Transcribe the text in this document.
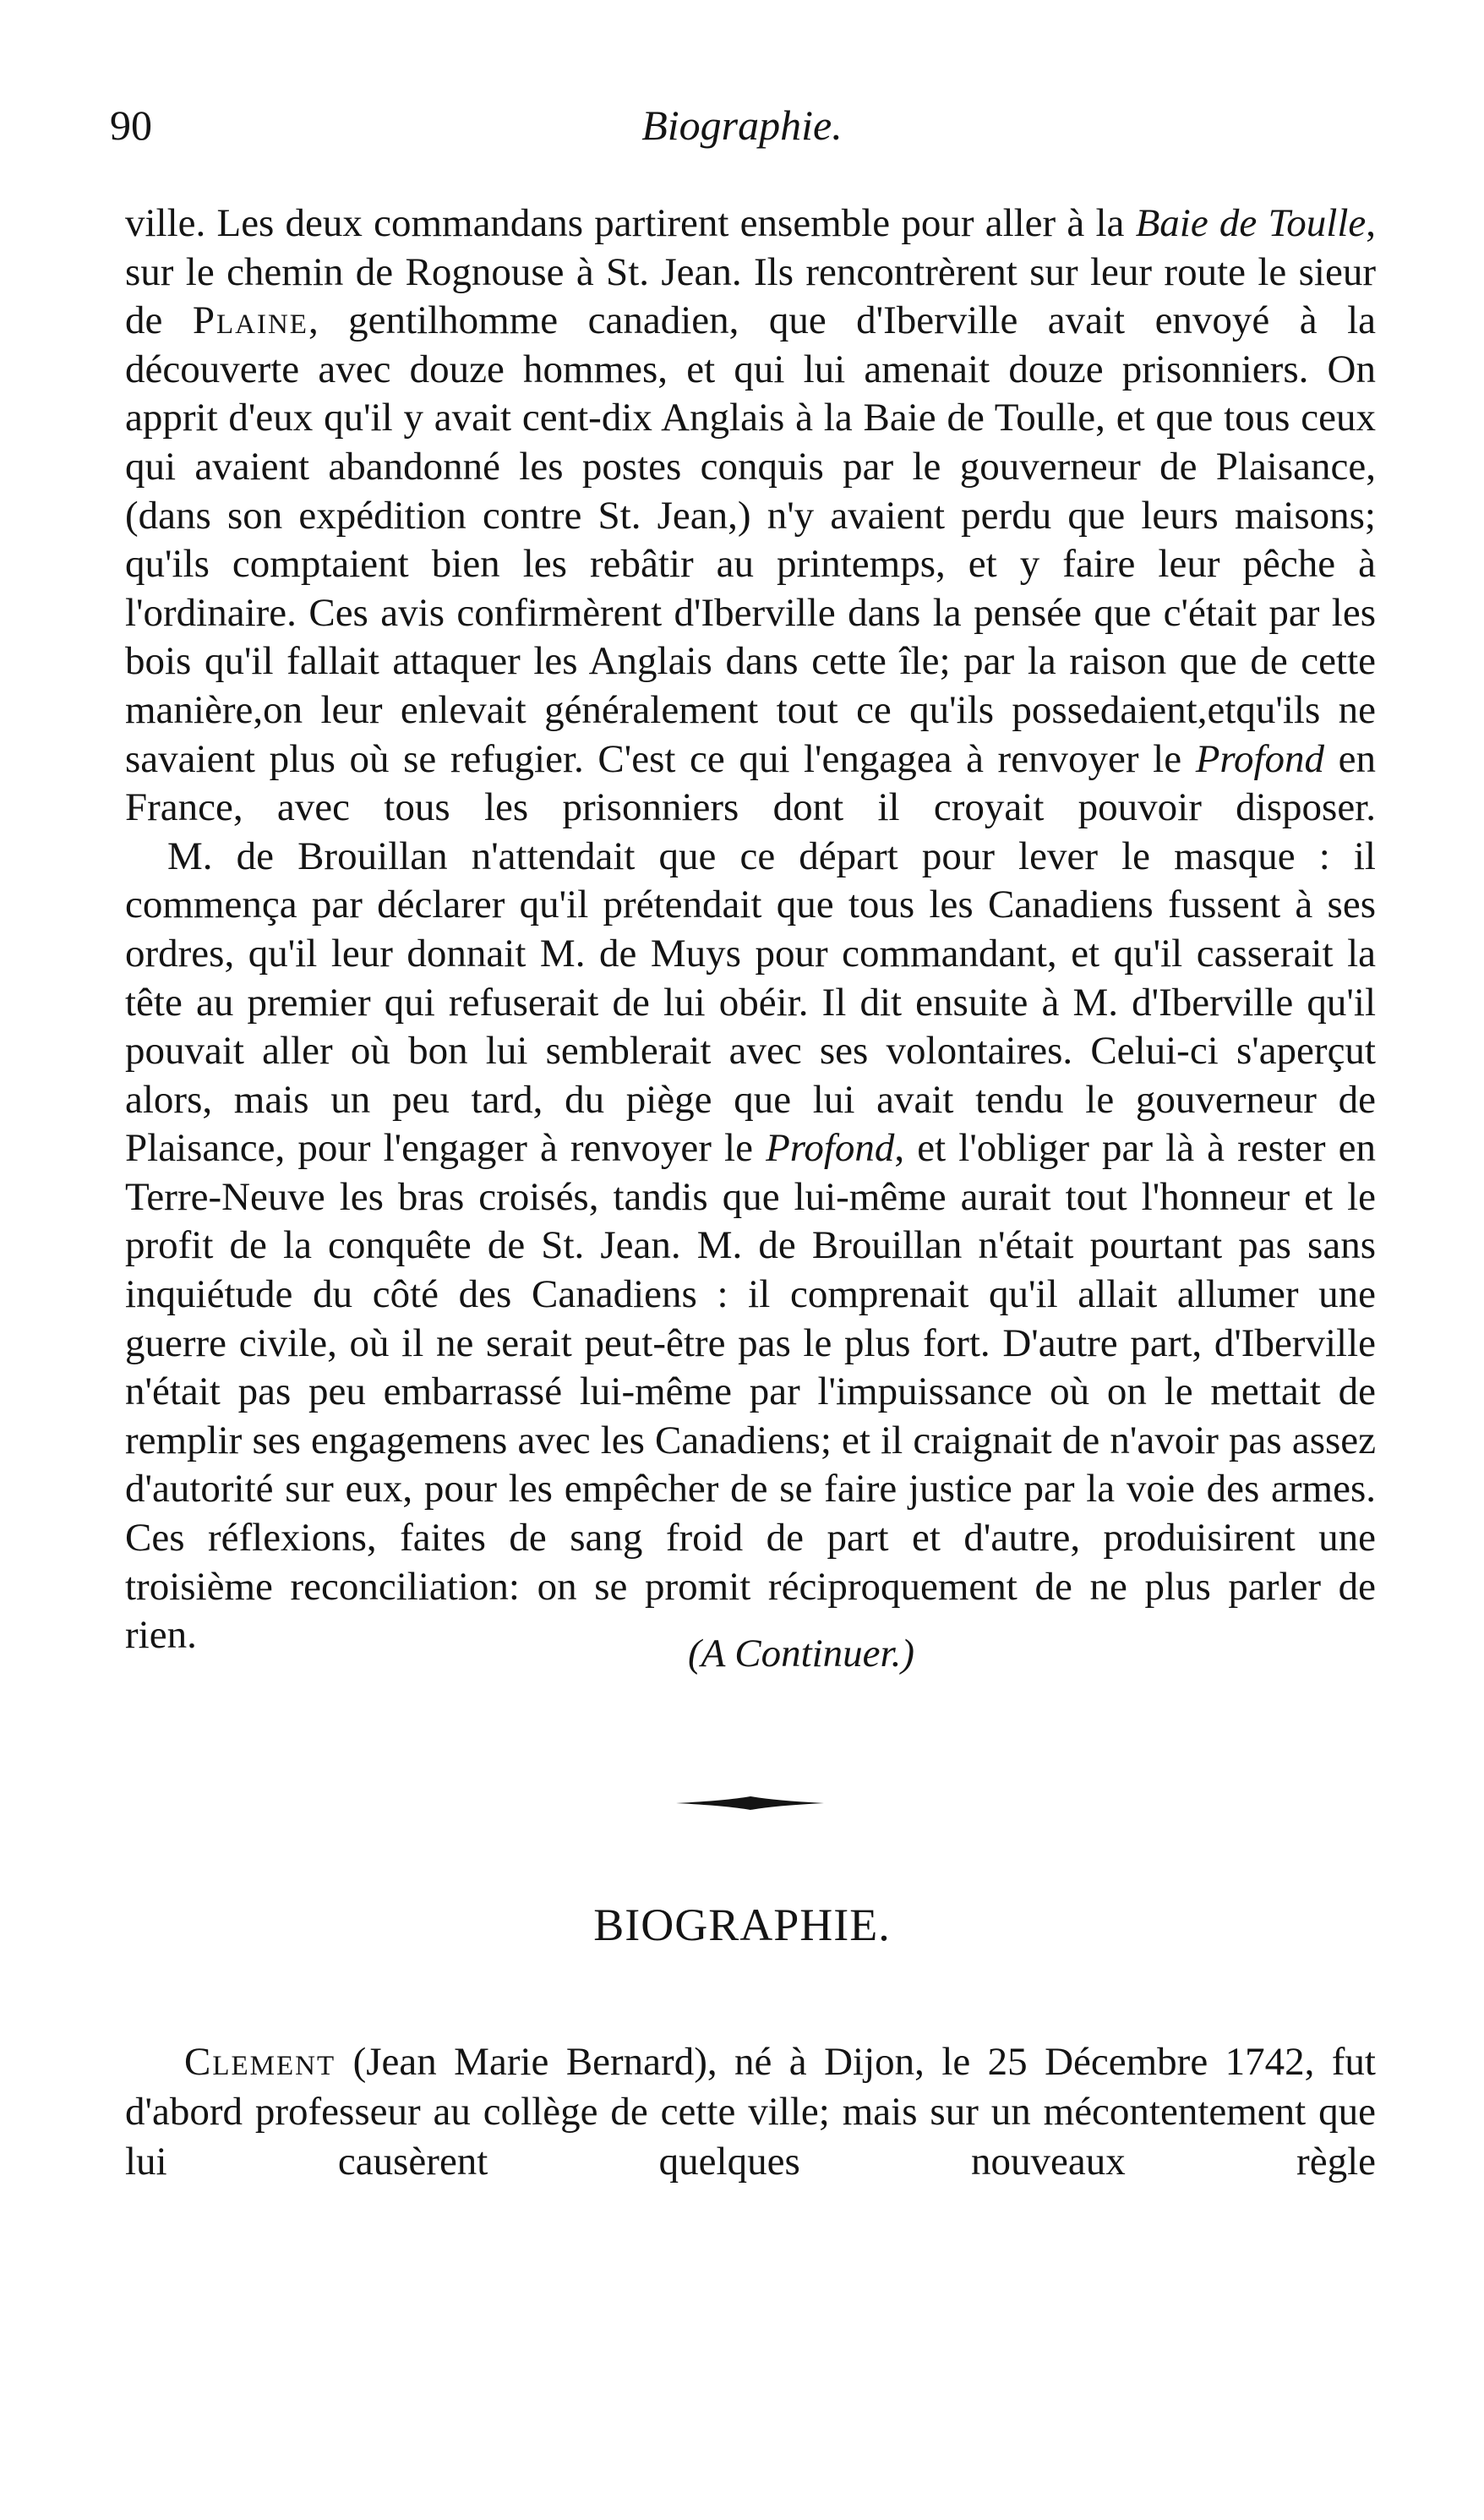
90	Biographie.

ville. Les deux commandans partirent ensemble pour aller à la Baie de Toulle, sur le chemin de Rognouse à St. Jean. Ils rencontrèrent sur leur route le sieur de Plaine, gentilhomme canadien, que d'Iberville avait envoyé à la découverte avec douze hommes, et qui lui amenait douze prisonniers. On apprit d'eux qu'il y avait cent-dix Anglais à la Baie de Toulle, et que tous ceux qui avaient abandonné les postes conquis par le gouverneur de Plaisance, (dans son expédition contre St. Jean,) n'y avaient perdu que leurs maisons; qu'ils comptaient bien les rebâtir au printemps, et y faire leur pêche à l'ordinaire. Ces avis confirmèrent d'Iberville dans la pensée que c'était par les bois qu'il fallait attaquer les Anglais dans cette île; par la raison que de cette manière,on leur enlevait généralement tout ce qu'ils possedaient,etqu'ils ne savaient plus où se refugier. C'est ce qui l'engagea à renvoyer le Profond en France, avec tous les prisonniers dont il croyait pouvoir disposer.

M. de Brouillan n'attendait que ce départ pour lever le masque : il commença par déclarer qu'il prétendait que tous les Canadiens fussent à ses ordres, qu'il leur donnait M. de Muys pour commandant, et qu'il casserait la tête au premier qui refuserait de lui obéir. Il dit ensuite à M. d'Iberville qu'il pouvait aller où bon lui semblerait avec ses volontaires. Celui-ci s'aperçut alors, mais un peu tard, du piège que lui avait tendu le gouverneur de Plaisance, pour l'engager à renvoyer le Profond, et l'obliger par là à rester en Terre-Neuve les bras croisés, tandis que lui-même aurait tout l'honneur et le profit de la conquête de St. Jean. M. de Brouillan n'était pourtant pas sans inquiétude du côté des Canadiens : il comprenait qu'il allait allumer une guerre civile, où il ne serait peut-être pas le plus fort. D'autre part, d'Iberville n'était pas peu embarrassé lui-même par l'impuissance où on le mettait de remplir ses engagemens avec les Canadiens; et il craignait de n'avoir pas assez d'autorité sur eux, pour les empêcher de se faire justice par la voie des armes. Ces réflexions, faites de sang froid de part et d'autre, produisirent une troisième reconciliation: on se promit réciproquement de ne plus parler de rien.	(A Continuer.)
BIOGRAPHIE.

Clement (Jean Marie Bernard), né à Dijon, le 25 Décembre 1742, fut d'abord professeur au collège de cette ville; mais sur un mécontentement que lui causèrent quelques nouveaux règle
